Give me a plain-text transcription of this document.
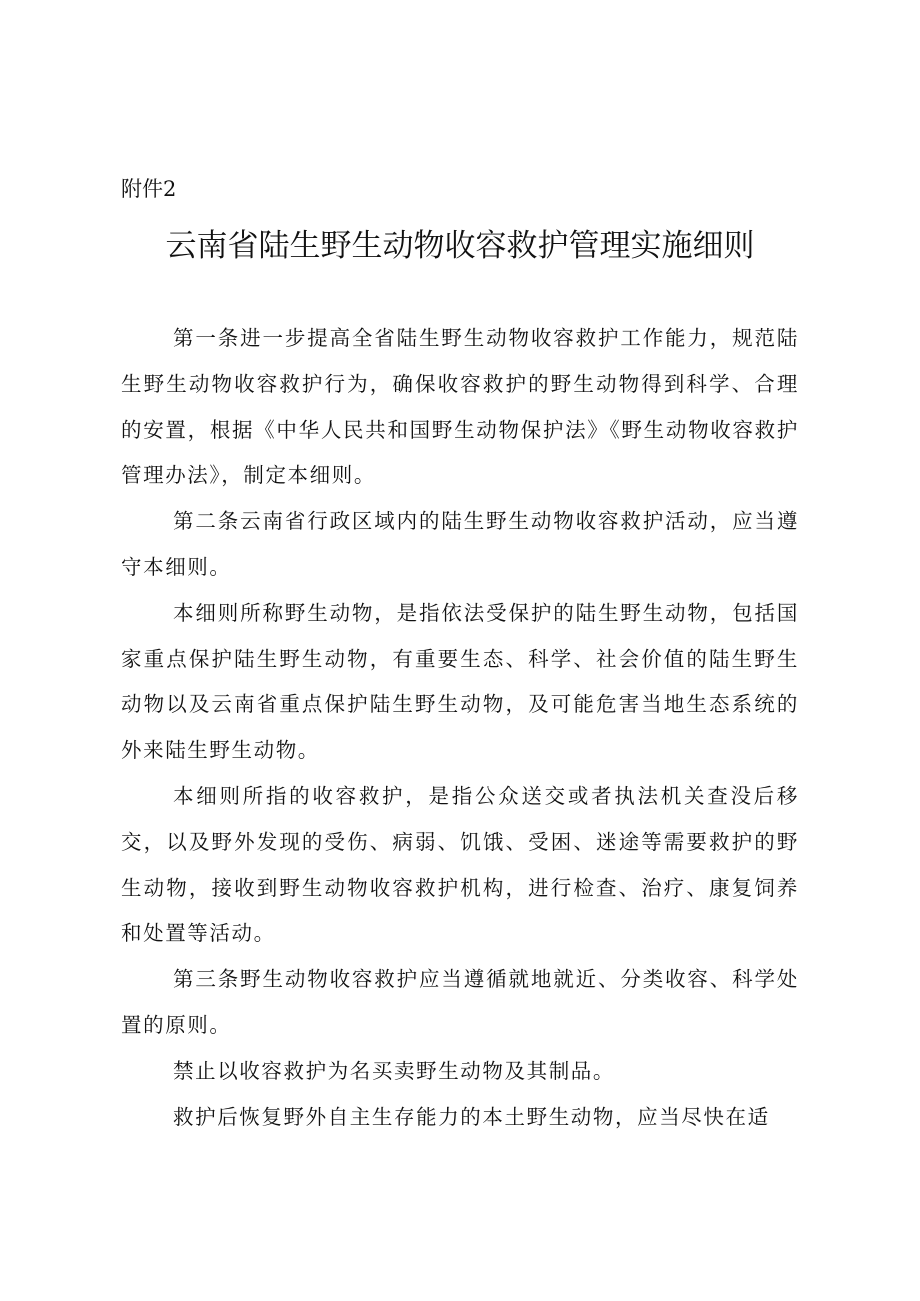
附件2
云南省陆生野生动物收容救护管理实施细则

第一条进一步提高全省陆生野生动物收容救护工作能力，规范陆生野生动物收容救护行为，确保收容救护的野生动物得到科学、合理的安置，根据《中华人民共和国野生动物保护法》《野生动物收容救护管理办法》，制定本细则。

第二条云南省行政区域内的陆生野生动物收容救护活动，应当遵守本细则。

本细则所称野生动物，是指依法受保护的陆生野生动物，包括国家重点保护陆生野生动物，有重要生态、科学、社会价值的陆生野生动物以及云南省重点保护陆生野生动物，及可能危害当地生态系统的外来陆生野生动物。

本细则所指的收容救护，是指公众送交或者执法机关查没后移交，以及野外发现的受伤、病弱、饥饿、受困、迷途等需要救护的野生动物，接收到野生动物收容救护机构，进行检查、治疗、康复饲养和处置等活动。

第三条野生动物收容救护应当遵循就地就近、分类收容、科学处置的原则。

禁止以收容救护为名买卖野生动物及其制品。

救护后恢复野外自主生存能力的本土野生动物，应当尽快在适
